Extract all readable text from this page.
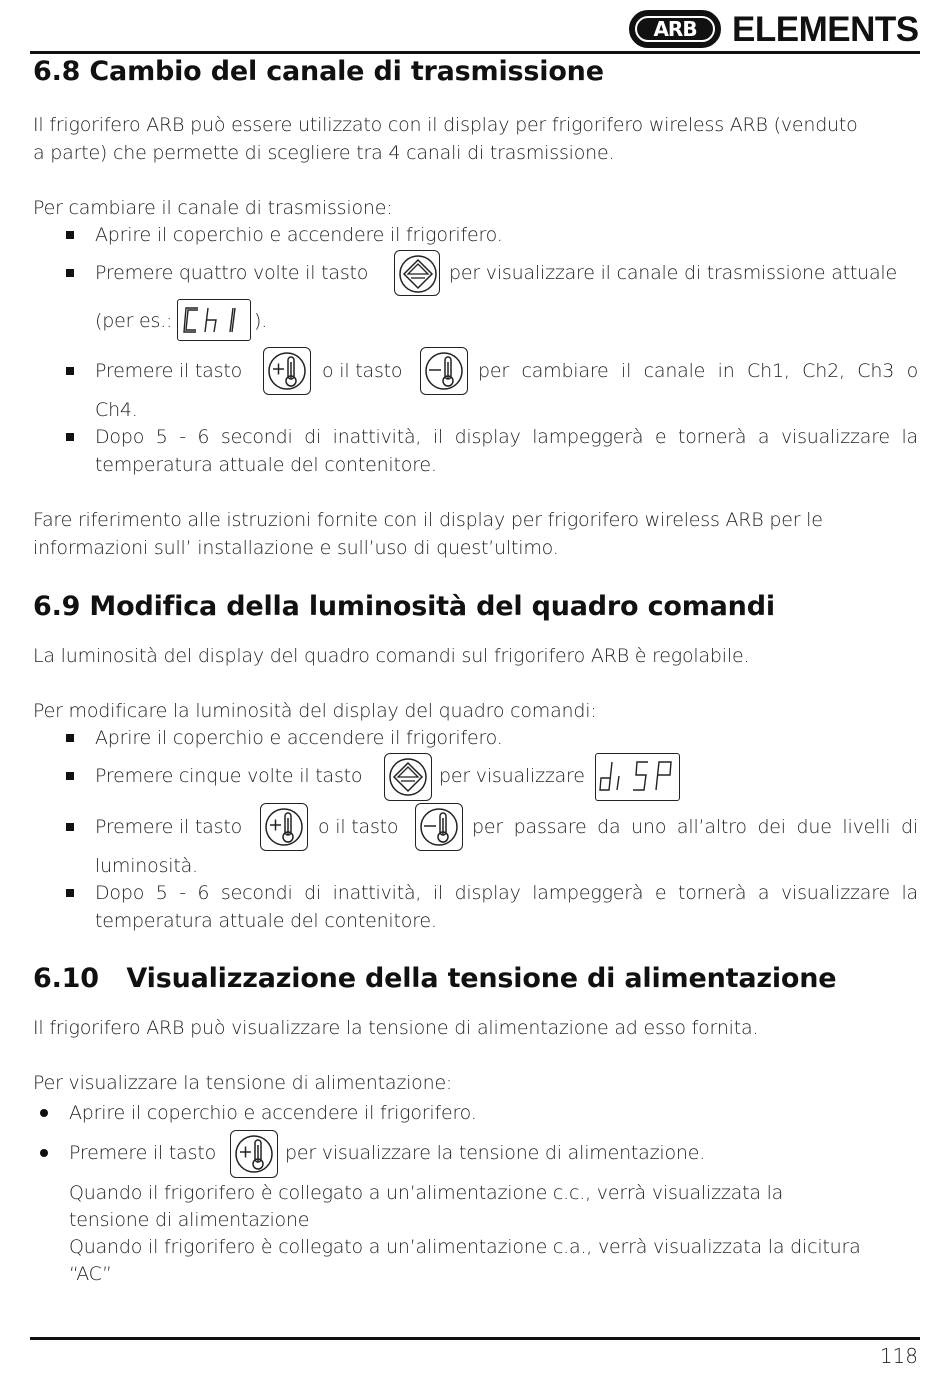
ARB	ELEMENTS
6.8 Cambio del canale di trasmissione
Il frigorifero ARB può essere utilizzato con il display per frigorifero wireless ARB (venduto
a parte) che permette di scegliere tra 4 canali di trasmissione.
Per cambiare il canale di trasmissione:
Aprire il coperchio e accendere il frigorifero.
Premere quattro volte il tasto	per visualizzare il canale di trasmissione attuale
(per es.:	).
Premere il tasto	o il tasto	per cambiare il canale in Ch1, Ch2, Ch3 o
Ch4.
Dopo 5 - 6 secondi di inattività, il display lampeggerà e tornerà a visualizzare la
temperatura attuale del contenitore.
Fare riferimento alle istruzioni fornite con il display per frigorifero wireless ARB per le
informazioni sull’ installazione e sull’uso di quest’ultimo.
6.9 Modifica della luminosità del quadro comandi
La luminosità del display del quadro comandi sul frigorifero ARB è regolabile.
Per modificare la luminosità del display del quadro comandi:
Aprire il coperchio e accendere il frigorifero.
Premere cinque volte il tasto	per visualizzare
Premere il tasto	o il tasto	per passare da uno all’altro dei due livelli di
luminosità.
Dopo 5 - 6 secondi di inattività, il display lampeggerà e tornerà a visualizzare la
temperatura attuale del contenitore.
6.10   Visualizzazione della tensione di alimentazione
Il frigorifero ARB può visualizzare la tensione di alimentazione ad esso fornita.
Per visualizzare la tensione di alimentazione:
Aprire il coperchio e accendere il frigorifero.
Premere il tasto	per visualizzare la tensione di alimentazione.
Quando il frigorifero è collegato a un’alimentazione c.c., verrà visualizzata la
tensione di alimentazione
Quando il frigorifero è collegato a un’alimentazione c.a., verrà visualizzata la dicitura
“AC”
118
